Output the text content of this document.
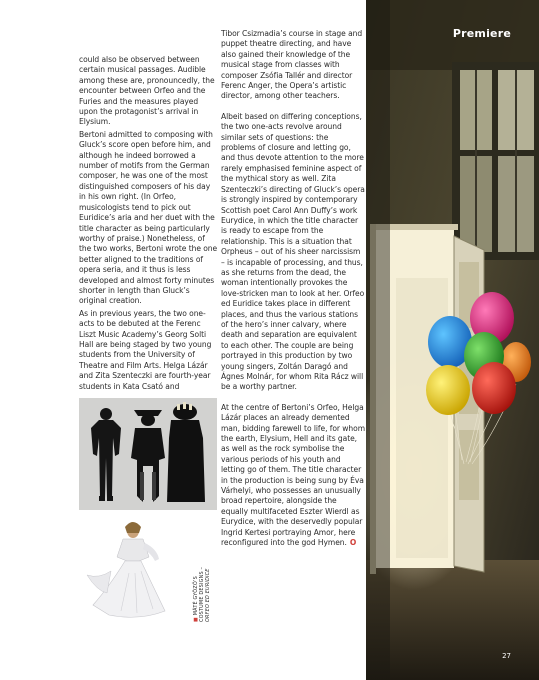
could also be observed between certain musical passages. Audible among these are, pronouncedly, the encounter between Orfeo and the Furies and the measures played upon the protagonist’s arrival in Elysium.

Bertoni admitted to composing with Gluck’s score open before him, and although he indeed borrowed a number of motifs from the German composer, he was one of the most distinguished composers of his day in his own right. (In Orfeo, musicologists tend to pick out Euridice’s aria and her duet with the title character as being particularly worthy of praise.) Nonetheless, of the two works, Bertoni wrote the one better aligned to the traditions of opera seria, and it thus is less developed and almost forty minutes shorter in length than Gluck’s original creation.

As in previous years, the two one-acts to be debuted at the Ferenc Liszt Music Academy’s Georg Solti Hall are being staged by two young students from the University of Theatre and Film Arts. Helga Lázár and Zita Szenteczki are fourth-year students in Kata Csató and

Tibor Csizmadia’s course in stage and puppet theatre directing, and have also gained their knowledge of the musical stage from classes with composer Zsófia Tallér and director Ferenc Anger, the Opera’s artistic director, among other teachers.

Albeit based on differing conceptions, the two one-acts revolve around similar sets of questions: the problems of closure and letting go, and thus devote attention to the more rarely emphasised feminine aspect of the mythical story as well. Zita Szenteczki’s directing of Gluck’s opera is strongly inspired by contemporary Scottish poet Carol Ann Duffy’s work Eurydice, in which the title character is ready to escape from the relationship. This is a situation that Orpheus – out of his sheer narcissism – is incapable of processing, and thus, as she returns from the dead, the woman intentionally provokes the love-stricken man to look at her. Orfeo ed Euridice takes place in different places, and thus the various stations of the hero’s inner calvary, where death and separation are equivalent to each other. The couple are being portrayed in this production by two young singers, Zoltán Daragó and Ágnes Molnár, for whom Rita Rácz will be a worthy partner.

At the centre of Bertoni’s Orfeo, Helga Lázár places an already demented man, bidding farewell to life, for whom the earth, Elysium, Hell and its gate, as well as the rock symbolise the various periods of his youth and letting go of them. The title character in the production is being sung by Éva Várhelyi, who possesses an unusually broad repertoire, alongside the equally multifaceted Eszter Wierdl as Eurydice, with the deservedly popular Ingrid Kertesi portraying Amor, here reconfigured into the god Hymen. O

■ MÁTÉ GYÖZŐ’S COSTUME DESIGNS – ORFEO ED EURIDICE
Premiere
27
